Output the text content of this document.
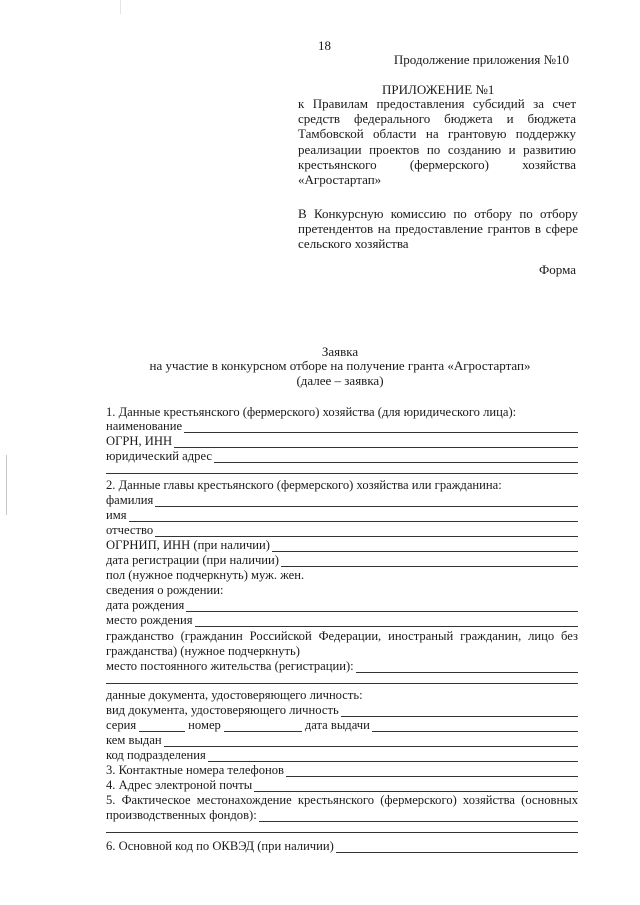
18
Продолжение приложения №10
ПРИЛОЖЕНИЕ №1
к Правилам предоставления субсидий за счет
средств федерального бюджета и бюджета
Тамбовской области на грантовую поддержку
реализации проектов по созданию и развитию
крестьянского (фермерского) хозяйства
«Агростартап»
В Конкурсную комиссию по отбору по отбору
претендентов на предоставление грантов в сфере
сельского хозяйства
Форма
Заявка
на участие в конкурсном отборе на получение гранта «Агростартап»
(далее – заявка)
1. Данные крестьянского (фермерского) хозяйства (для юридического лица):
наименование
ОГРН, ИНН
юридический адрес
2. Данные главы крестьянского (фермерского) хозяйства или гражданина:
фамилия
имя
отчество
ОГРНИП, ИНН (при наличии)
дата регистрации (при наличии)
пол (нужное подчеркнуть) муж. жен.
сведения о рождении:
дата рождения
место рождения
гражданство (гражданин Российской Федерации, иностраный гражданин, лицо без
гражданства) (нужное подчеркнуть)
место постоянного жительства (регистрации):
данные документа, удостоверяющего личность:
вид документа, удостоверяющего личность
серия	номер	дата выдачи
кем выдан
код подразделения
3. Контактные номера телефонов
4. Адрес электроной почты
5. Фактическое местонахождение крестьянского (фермерского) хозяйства (основных
производственных фондов):
6. Основной код по ОКВЭД (при наличии)
